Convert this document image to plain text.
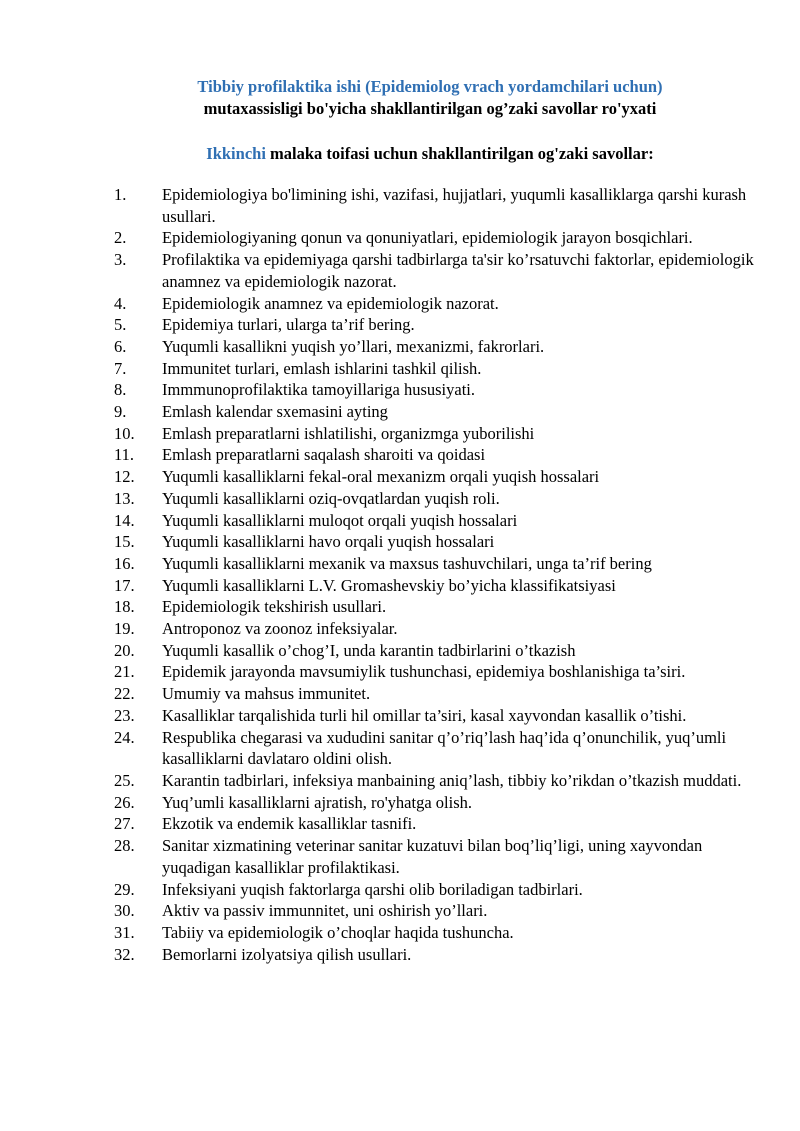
Tibbiy profilaktika ishi (Epidemiolog vrach yordamchilari uchun)
mutaxassisligi bo'yicha shakllantirilgan og’zaki savollar ro'yxati
Ikkinchi malaka toifasi uchun shakllantirilgan og'zaki savollar:
1.	Epidemiologiya bo'limining ishi, vazifasi, hujjatlari, yuqumli kasalliklarga qarshi kurash usullari.
2.	Epidemiologiyaning qonun va qonuniyatlari, epidemiologik jarayon bosqichlari.
3.	Profilaktika va epidemiyaga qarshi tadbirlarga ta'sir ko’rsatuvchi faktorlar, epidemiologik anamnez va epidemiologik nazorat.
4.	Epidemiologik anamnez va epidemiologik nazorat.
5.	Epidemiya turlari, ularga ta’rif bering.
6.	Yuqumli kasallikni yuqish yo’llari, mexanizmi, fakrorlari.
7.	Immunitet turlari, emlash ishlarini tashkil qilish.
8.	Immmunoprofilaktika tamoyillariga hususiyati.
9.	Emlash kalendar sxemasini ayting
10.	Emlash preparatlarni ishlatilishi, organizmga yuborilishi
11.	Emlash preparatlarni saqalash sharoiti va qoidasi
12.	Yuqumli kasalliklarni fekal-oral mexanizm orqali yuqish hossalari
13.	Yuqumli kasalliklarni oziq-ovqatlardan yuqish roli.
14.	Yuqumli kasalliklarni muloqot orqali yuqish hossalari
15.	Yuqumli kasalliklarni havo orqali yuqish hossalari
16.	Yuqumli kasalliklarni mexanik va maxsus tashuvchilari, unga ta’rif bering
17.	Yuqumli kasalliklarni L.V. Gromashevskiy bo’yicha klassifikatsiyasi
18.	Epidemiologik tekshirish usullari.
19.	Antroponoz va zoonoz infeksiyalar.
20.	Yuqumli kasallik o’chog’I, unda karantin tadbirlarini o’tkazish
21.	Epidemik jarayonda mavsumiylik tushunchasi, epidemiya boshlanishiga ta’siri.
22.	Umumiy va mahsus immunitet.
23.	Kasalliklar tarqalishida turli hil omillar ta’siri, kasal xayvondan kasallik o’tishi.
24.	Respublika chegarasi va xududini sanitar q’o’riq’lash haq’ida q’onunchilik, yuq’umli kasalliklarni davlataro oldini olish.
25.	Karantin tadbirlari, infeksiya manbaining aniq’lash, tibbiy ko’rikdan o’tkazish muddati.
26.	Yuq’umli kasalliklarni ajratish, ro'yhatga olish.
27.	Ekzotik va endemik kasalliklar tasnifi.
28.	Sanitar xizmatining veterinar sanitar kuzatuvi bilan boq’liq’ligi, uning xayvondan yuqadigan kasalliklar profilaktikasi.
29.	Infeksiyani yuqish faktorlarga qarshi olib boriladigan tadbirlari.
30.	Aktiv va passiv immunnitet, uni oshirish yo’llari.
31.	Tabiiy va epidemiologik o’choqlar haqida tushuncha.
32.	Bemorlarni izolyatsiya qilish usullari.
